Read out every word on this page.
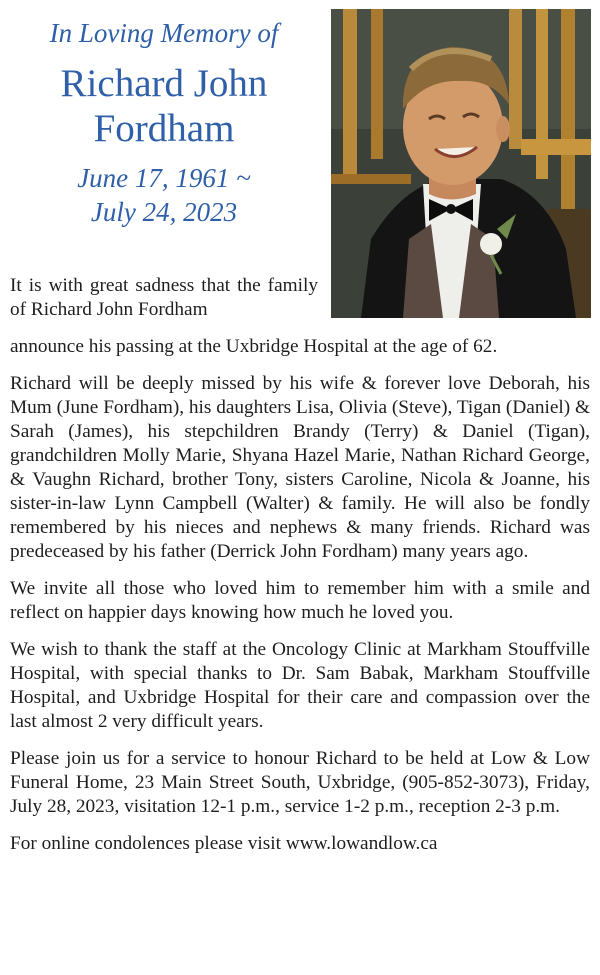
In Loving Memory of

Richard John Fordham

June 17, 1961 ~
July 24, 2023

It is with great sadness that the family of Richard John Fordham

announce his passing at the Uxbridge Hospital at the age of 62.

Richard will be deeply missed by his wife & forever love Deborah, his Mum (June Fordham), his daughters Lisa, Olivia (Steve), Tigan (Daniel) & Sarah (James), his stepchildren Brandy (Terry) & Daniel (Tigan), grandchildren Molly Marie, Shyana Hazel Marie, Nathan Richard George, & Vaughn Richard, brother Tony, sisters Caroline, Nicola & Joanne, his sister-in-law Lynn Campbell (Walter) & family. He will also be fondly remembered by his nieces and nephews & many friends. Richard was predeceased by his father (Derrick John Fordham) many years ago.

We invite all those who loved him to remember him with a smile and reflect on happier days knowing how much he loved you.

We wish to thank the staff at the Oncology Clinic at Markham Stouffville Hospital, with special thanks to Dr. Sam Babak, Markham Stouffville Hospital, and Uxbridge Hospital for their care and compassion over the last almost 2 very difficult years.

Please join us for a service to honour Richard to be held at Low & Low Funeral Home, 23 Main Street South, Uxbridge, (905-852-3073), Friday, July 28, 2023, visitation 12-1 p.m., service 1-2 p.m., reception 2-3 p.m.

For online condolences please visit www.lowandlow.ca
